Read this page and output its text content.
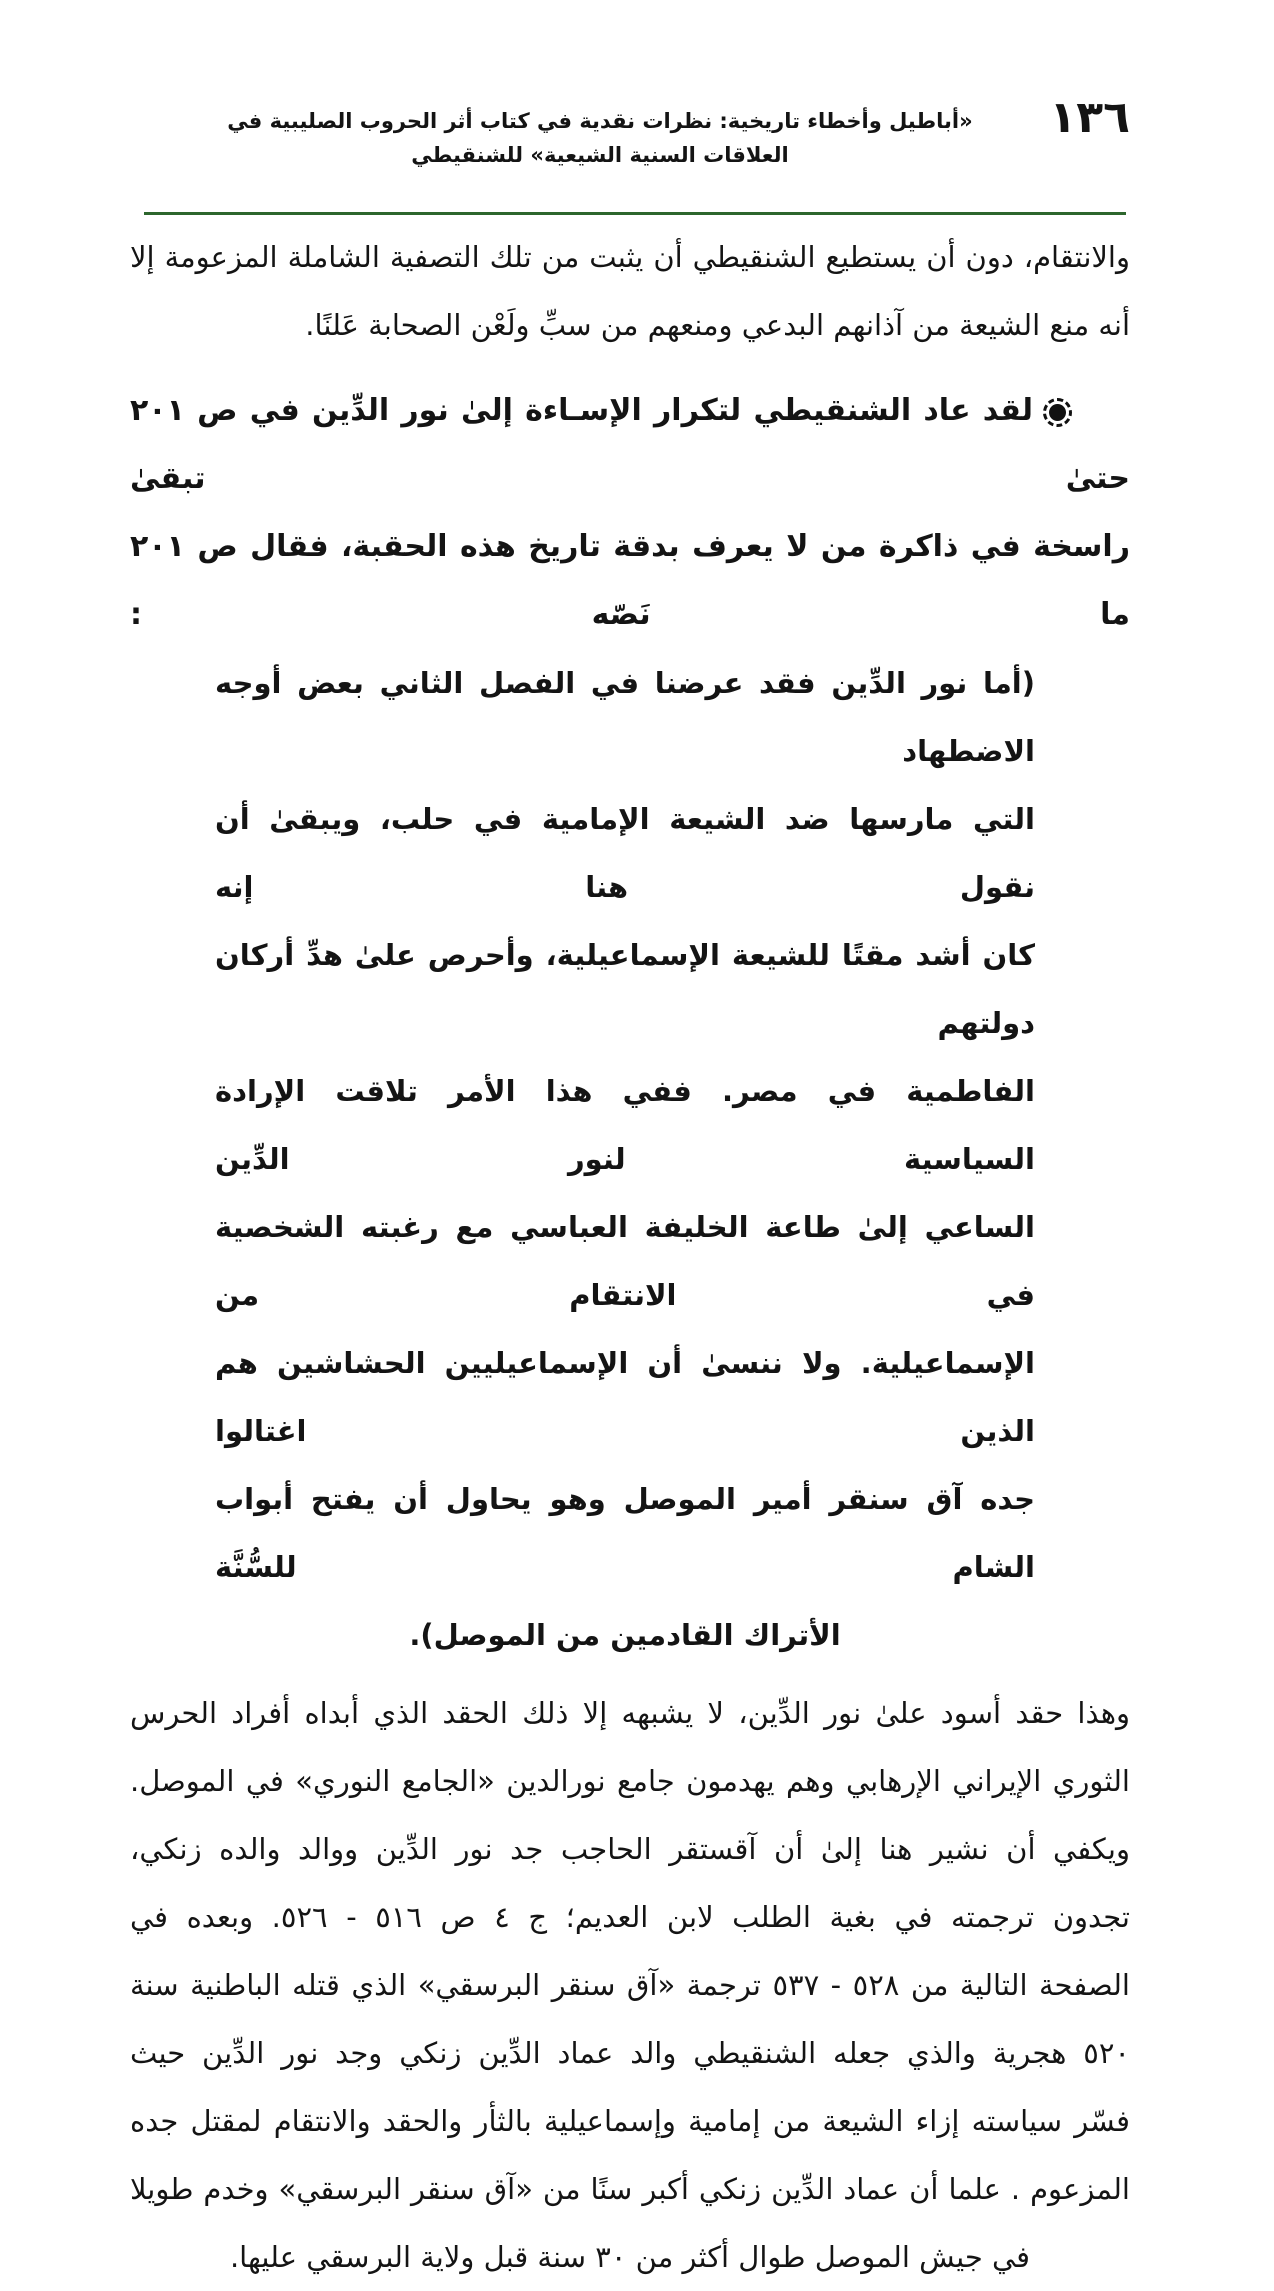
١٣٦
«أباطيل وأخطاء تاريخية: نظرات نقدية في كتاب أثر الحروب الصليبية في العلاقات السنية الشيعية» للشنقيطي
والانتقام، دون أن يستطيع الشنقيطي أن يثبت من تلك التصفية الشاملة المزعومة إلا
أنه منع الشيعة من آذانهم البدعي ومنعهم من سبِّ ولَعْن الصحابة عَلنًا.
لقد عاد الشنقيطي لتكرار الإسـاءة إلىٰ نور الدِّين في ص ٢٠١ حتىٰ تبقىٰ
راسخة في ذاكرة من لا يعرف بدقة تاريخ هذه الحقبة، فقال ص ٢٠١ ما نَصّه :
(أما نور الدِّين فقد عرضنا في الفصل الثاني بعض أوجه الاضطهاد
التي مارسها ضد الشيعة الإمامية في حلب، ويبقىٰ أن نقول هنا إنه
كان أشد مقتًا للشيعة الإسماعيلية، وأحرص علىٰ هدِّ أركان دولتهم
الفاطمية في مصر. ففي هذا الأمر تلاقت الإرادة السياسية لنور الدِّين
الساعي إلىٰ طاعة الخليفة العباسي مع رغبته الشخصية في الانتقام من
الإسماعيلية. ولا ننسىٰ أن الإسماعيليين الحشاشين هم الذين اغتالوا
جده آق سنقر أمير الموصل وهو يحاول أن يفتح أبواب الشام للسُّنَّة
الأتراك القادمين من الموصل).
وهذا حقد أسود علىٰ نور الدِّين، لا يشبهه إلا ذلك الحقد الذي أبداه أفراد الحرس
الثوري الإيراني الإرهابي وهم يهدمون جامع نورالدين «الجامع النوري» في الموصل.
ويكفي أن نشير هنا إلىٰ أن آقستقر الحاجب جد نور الدِّين ووالد والده زنكي،
تجدون ترجمته في بغية الطلب لابن العديم؛ ج ٤ ص ٥١٦ - ٥٢٦. وبعده في
الصفحة التالية من ٥٢٨ - ٥٣٧ ترجمة «آق سنقر البرسقي» الذي قتله الباطنية سنة
٥٢٠ هجرية والذي جعله الشنقيطي والد عماد الدِّين زنكي وجد نور الدِّين حيث
فسّر سياسته إزاء الشيعة من إمامية وإسماعيلية بالثأر والحقد والانتقام لمقتل جده
المزعوم . علما أن عماد الدِّين زنكي أكبر سنًا من «آق سنقر البرسقي» وخدم طويلا
في جيش الموصل طوال أكثر من ٣٠ سنة قبل ولاية البرسقي عليها.
